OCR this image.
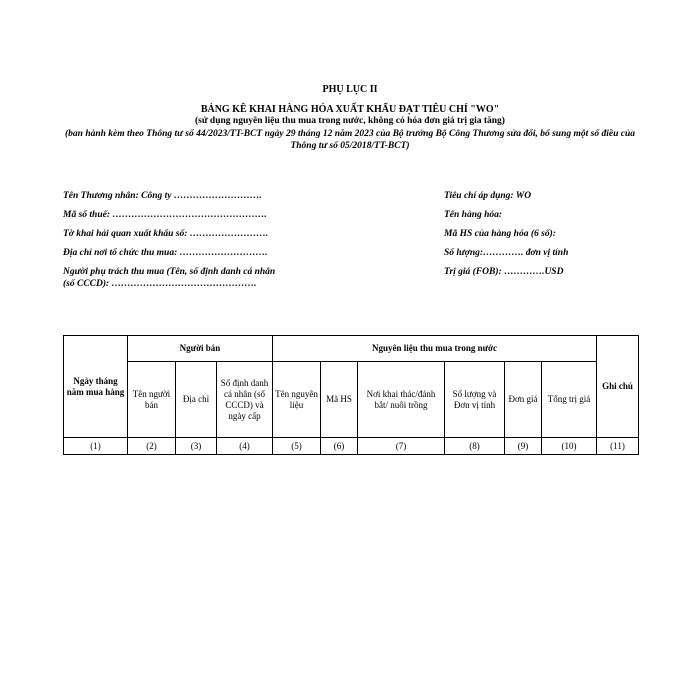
PHỤ LỤC II
BẢNG KÊ KHAI HÀNG HÓA XUẤT KHẨU ĐẠT TIÊU CHÍ "WO"
(sử dụng nguyên liệu thu mua trong nước, không có hóa đơn giá trị gia tăng)
(ban hành kèm theo Thông tư số 44/2023/TT-BCT ngày 29 tháng 12 năm 2023 của Bộ trưởng Bộ Công Thương sửa đổi, bổ sung một số điều của Thông tư số 05/2018/TT-BCT)
Tên Thương nhân: Công ty ……………………….
Mã số thuế: ………………………………………….
Tờ khai hải quan xuất khẩu số: …………………….
Địa chỉ nơi tổ chức thu mua: ……………………….
Người phụ trách thu mua (Tên, số định danh cá nhân (số CCCD): ……………………………………….
Tiêu chí áp dụng: WO
Tên hàng hóa:
Mã HS của hàng hóa (6 số):
Số lượng:…………. đơn vị tính
Trị giá (FOB): ………….USD
Ngày tháng năm mua hàng	Người bán			Nguyên liệu thu mua trong nước						Ghi chú
	Tên người bán	Địa chỉ	Số định danh cá nhân (số CCCD) và ngày cấp	Tên nguyên liệu	Mã HS	Nơi khai thác/đánh bắt/ nuôi trồng	Số lượng và Đơn vị tính	Đơn giá	Tổng trị giá	
(1)	(2)	(3)	(4)	(5)	(6)	(7)	(8)	(9)	(10)	(11)
